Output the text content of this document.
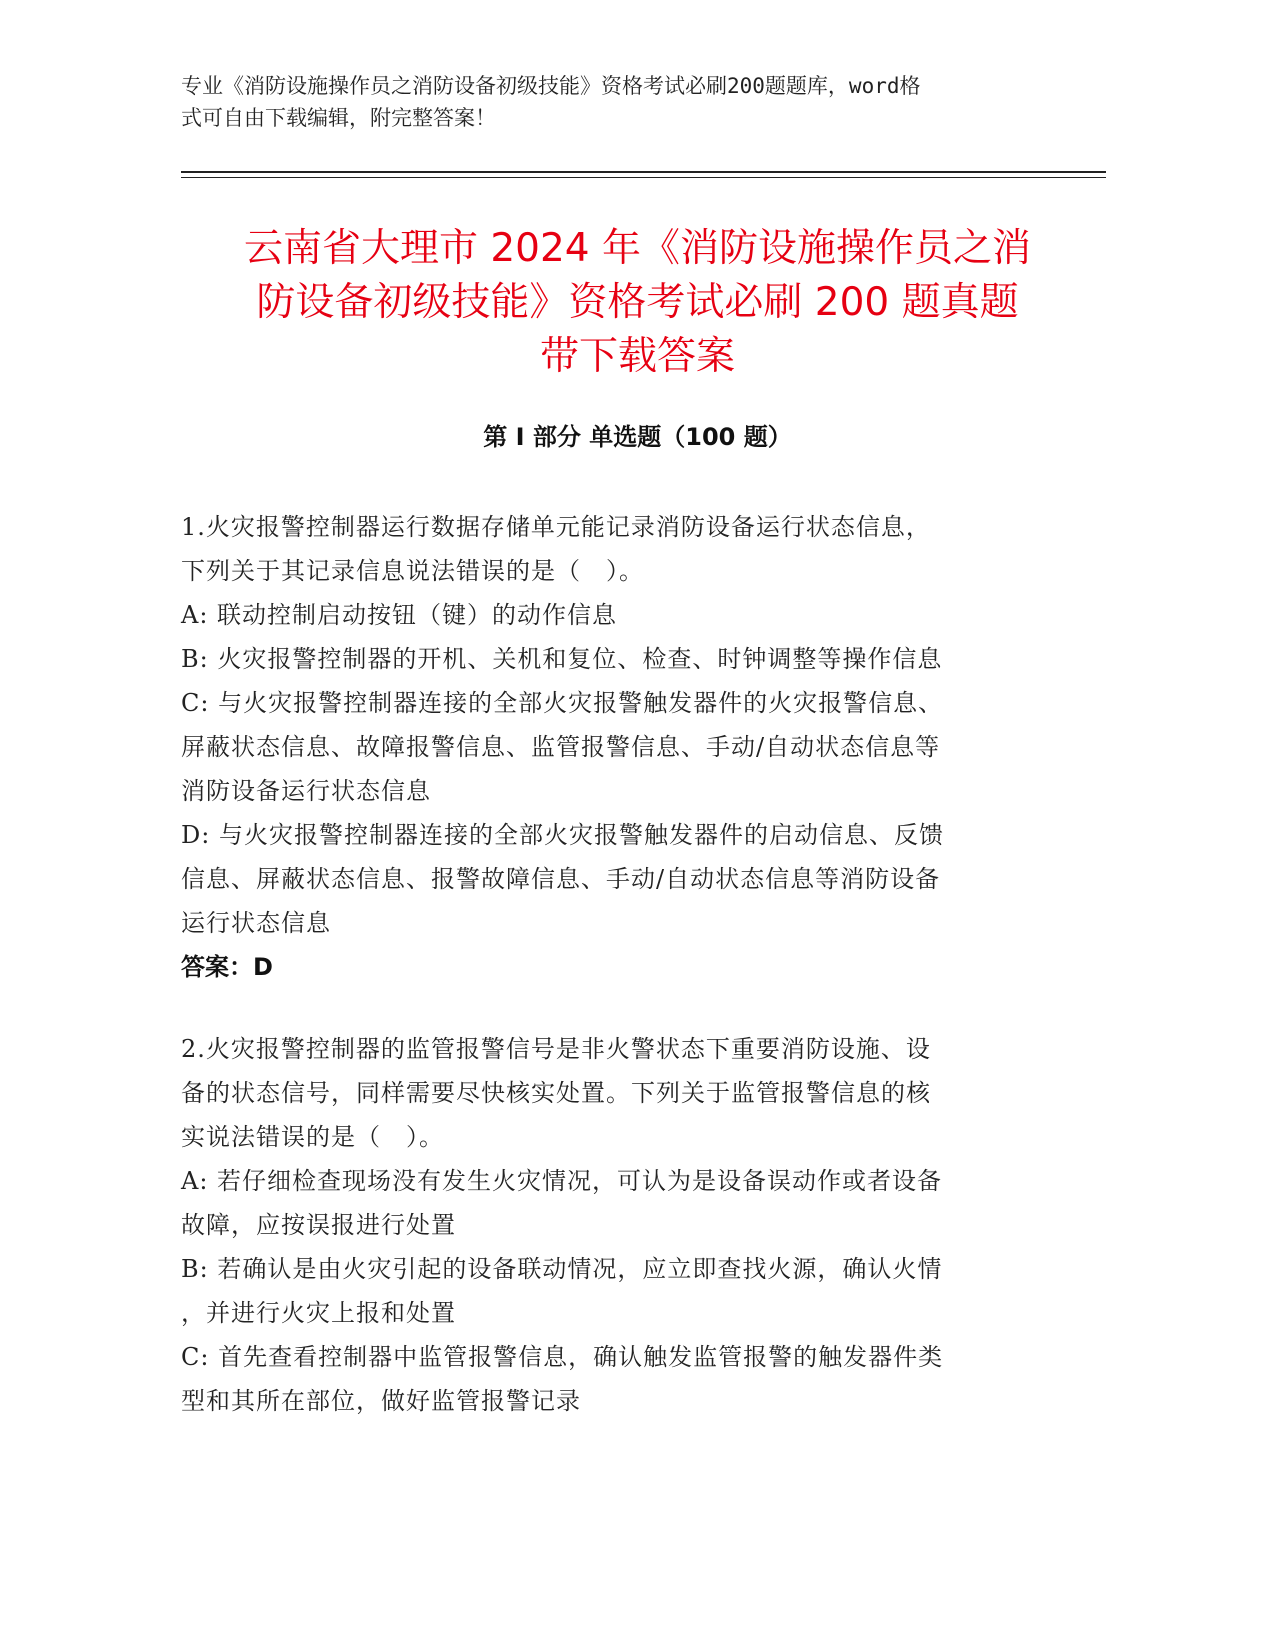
专业《消防设施操作员之消防设备初级技能》资格考试必刷200题题库，word格
式可自由下载编辑，附完整答案！
云南省大理市 2024 年《消防设施操作员之消
防设备初级技能》资格考试必刷 200 题真题
带下载答案
第 I 部分 单选题（100 题）
1.火灾报警控制器运行数据存储单元能记录消防设备运行状态信息，
下列关于其记录信息说法错误的是（　）。
A: 联动控制启动按钮（键）的动作信息
B: 火灾报警控制器的开机、关机和复位、检查、时钟调整等操作信息
C: 与火灾报警控制器连接的全部火灾报警触发器件的火灾报警信息、
屏蔽状态信息、故障报警信息、监管报警信息、手动/自动状态信息等
消防设备运行状态信息
D: 与火灾报警控制器连接的全部火灾报警触发器件的启动信息、反馈
信息、屏蔽状态信息、报警故障信息、手动/自动状态信息等消防设备
运行状态信息
答案：D
2.火灾报警控制器的监管报警信号是非火警状态下重要消防设施、设
备的状态信号，同样需要尽快核实处置。下列关于监管报警信息的核
实说法错误的是（　）。
A: 若仔细检查现场没有发生火灾情况，可认为是设备误动作或者设备
故障，应按误报进行处置
B: 若确认是由火灾引起的设备联动情况，应立即查找火源，确认火情
，并进行火灾上报和处置
C: 首先查看控制器中监管报警信息，确认触发监管报警的触发器件类
型和其所在部位，做好监管报警记录
